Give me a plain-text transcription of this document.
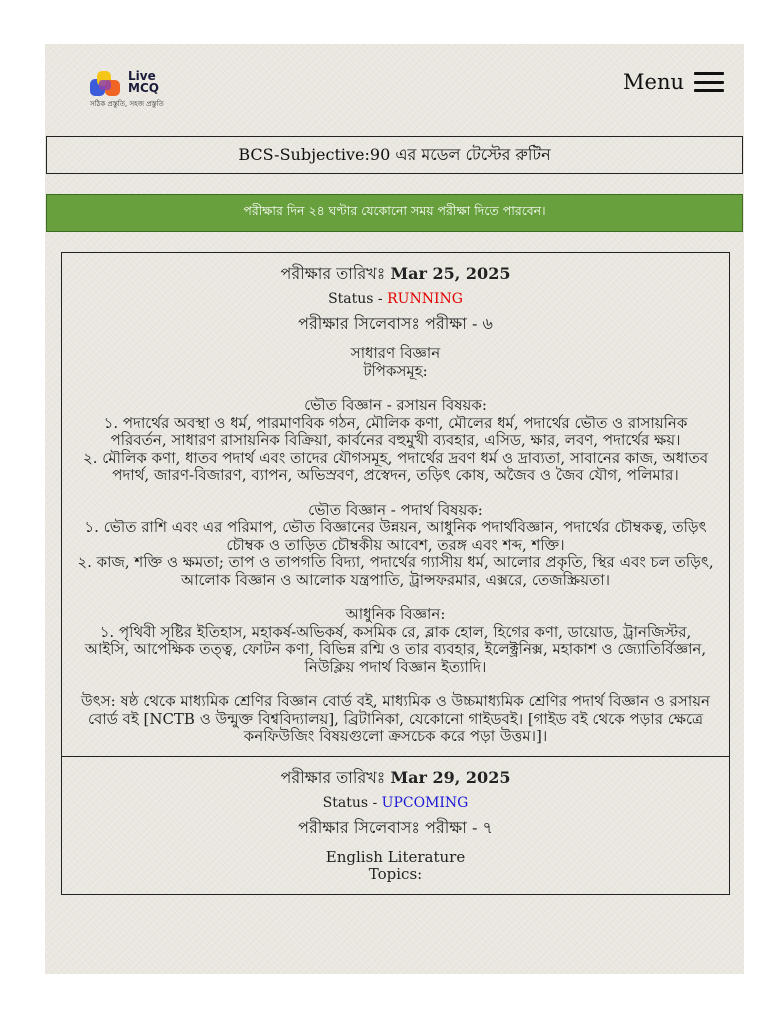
Live
MCQ
সঠিক প্রস্তুতি, সহজ প্রস্তুতি
Menu
BCS-Subjective:90 এর মডেল টেস্টের রুটিন
পরীক্ষার দিন ২৪ ঘণ্টার যেকোনো সময় পরীক্ষা দিতে পারবেন।
পরীক্ষার তারিখঃ Mar 25, 2025
Status - RUNNING
পরীক্ষার সিলেবাসঃ পরীক্ষা - ৬

সাধারণ বিজ্ঞান

টপিকসমূহ:

ভৌত বিজ্ঞান - রসায়ন বিষয়ক:

১. পদার্থের অবস্থা ও ধর্ম, পারমাণবিক গঠন, মৌলিক কণা, মৌলের ধর্ম, পদার্থের ভৌত ও রাসায়নিক পরিবর্তন, সাধারণ রাসায়নিক বিক্রিয়া, কার্বনের বহুমুখী ব্যবহার, এসিড, ক্ষার, লবণ, পদার্থের ক্ষয়।

২. মৌলিক কণা, ধাতব পদার্থ এবং তাদের যৌগসমূহ, পদার্থের দ্রবণ ধর্ম ও দ্রাব্যতা, সাবানের কাজ, অধাতব পদার্থ, জারণ-বিজারণ, ব্যাপন, অভিস্রবণ, প্রস্বেদন, তড়িৎ কোষ, অজৈব ও জৈব যৌগ, পলিমার।

ভৌত বিজ্ঞান - পদার্থ বিষয়ক:

১. ভৌত রাশি এবং এর পরিমাপ, ভৌত বিজ্ঞানের উন্নয়ন, আধুনিক পদার্থবিজ্ঞান, পদার্থের চৌম্বকত্ব, তড়িৎ চৌম্বক ও তাড়িত চৌম্বকীয় আবেশ, তরঙ্গ এবং শব্দ, শক্তি।

২. কাজ, শক্তি ও ক্ষমতা; তাপ ও তাপগতি বিদ্যা, পদার্থের গ্যাসীয় ধর্ম, আলোর প্রকৃতি, স্থির এবং চল তড়িৎ, আলোক বিজ্ঞান ও আলোক যন্ত্রপাতি, ট্রান্সফরমার, এক্সরে, তেজস্ক্রিয়তা।

আধুনিক বিজ্ঞান:

১. পৃথিবী সৃষ্টির ইতিহাস, মহাকর্ষ-অভিকর্ষ, কসমিক রে, ব্লাক হোল, হিগের কণা, ডায়োড, ট্রানজিস্টর, আইসি, আপেক্ষিক তত্ত্ব, ফোটন কণা, বিভিন্ন রশ্মি ও তার ব্যবহার, ইলেক্ট্রনিক্স, মহাকাশ ও জ্যোতির্বিজ্ঞান, নিউক্লিয় পদার্থ বিজ্ঞান ইত্যাদি।

উৎস: ষষ্ঠ থেকে মাধ্যমিক শ্রেণির বিজ্ঞান বোর্ড বই, মাধ্যমিক ও উচ্চমাধ্যমিক শ্রেণির পদার্থ বিজ্ঞান ও রসায়ন বোর্ড বই [NCTB ও উন্মুক্ত বিশ্ববিদ্যালয়], ব্রিটানিকা, যেকোনো গাইডবই। [গাইড বই থেকে পড়ার ক্ষেত্রে কনফিউজিং বিষয়গুলো ক্রসচেক করে পড়া উত্তম।]।

পরীক্ষার তারিখঃ Mar 29, 2025
Status - UPCOMING
পরীক্ষার সিলেবাসঃ পরীক্ষা - ৭

English Literature

Topics:
